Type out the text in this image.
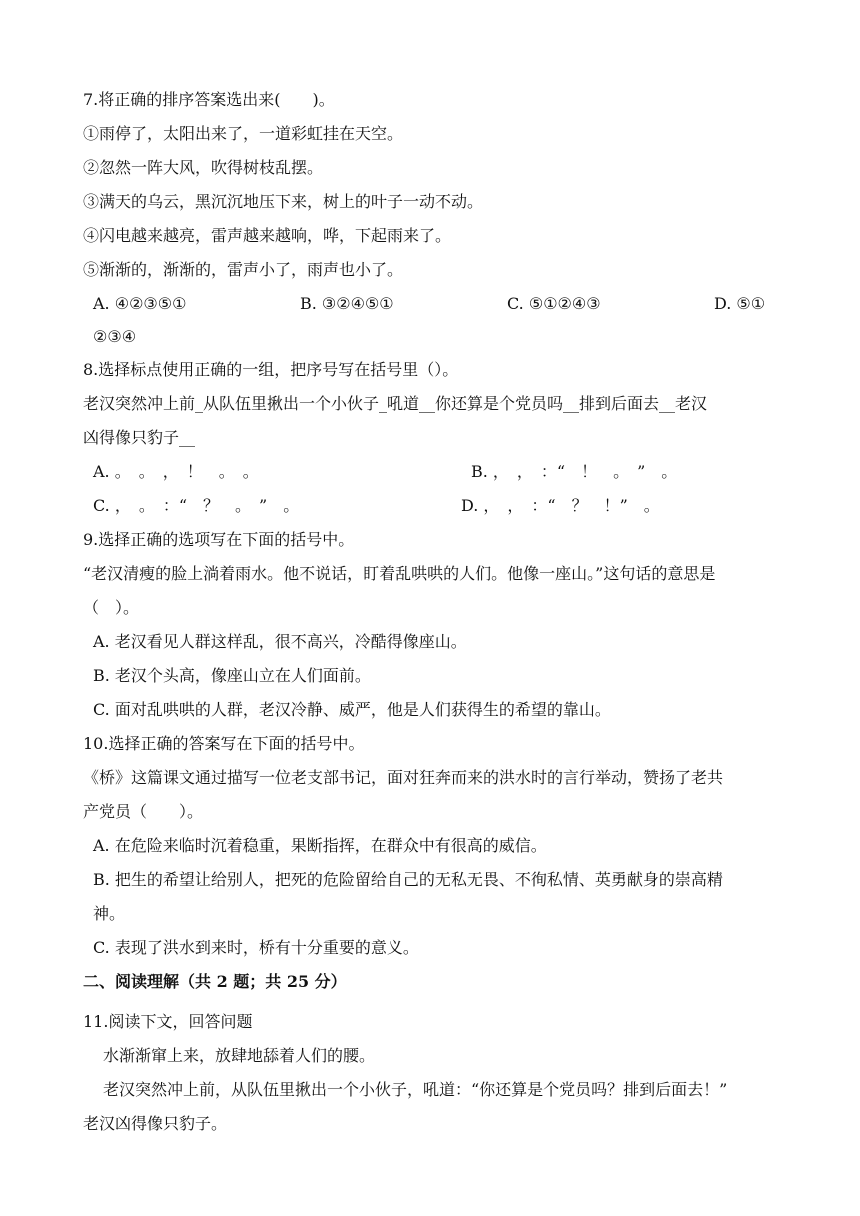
7.将正确的排序答案选出来(　　)。
①雨停了，太阳出来了，一道彩虹挂在天空。
②忽然一阵大风，吹得树枝乱摆。
③满天的乌云，黑沉沉地压下来，树上的叶子一动不动。
④闪电越来越亮，雷声越来越响，哗，下起雨来了。
⑤渐渐的，渐渐的，雷声小了，雨声也小了。
A. ④②③⑤①	B. ③②④⑤①	C. ⑤①②④③	D. ⑤①
②③④
8.选择标点使用正确的一组，把序号写在括号里（）。
老汉突然冲上前_从队伍里揪出一个小伙子_吼道__你还算是个党员吗__排到后面去__老汉
凶得像只豹子__
A. 。　。　，　！　。　。	B. ，　，　：“　！　。　”　。
C. ，　。　：“　？　。　”　。	D. ，　，　：“　？　！”　。
9.选择正确的选项写在下面的括号中。
“老汉清瘦的脸上淌着雨水。他不说话，盯着乱哄哄的人们。他像一座山。”这句话的意思是
（　）。
A. 老汉看见人群这样乱，很不高兴，冷酷得像座山。
B. 老汉个头高，像座山立在人们面前。
C. 面对乱哄哄的人群，老汉冷静、威严，他是人们获得生的希望的靠山。
10.选择正确的答案写在下面的括号中。
《桥》这篇课文通过描写一位老支部书记，面对狂奔而来的洪水时的言行举动，赞扬了老共
产党员（　　）。
A. 在危险来临时沉着稳重，果断指挥，在群众中有很高的威信。
B. 把生的希望让给别人，把死的危险留给自己的无私无畏、不徇私情、英勇献身的崇高精
神。
C. 表现了洪水到来时，桥有十分重要的意义。
二、阅读理解（共 2 题；共 25 分）
11.阅读下文，回答问题
水渐渐窜上来，放肆地舔着人们的腰。
老汉突然冲上前，从队伍里揪出一个小伙子，吼道：“你还算是个党员吗？排到后面去！”
老汉凶得像只豹子。
